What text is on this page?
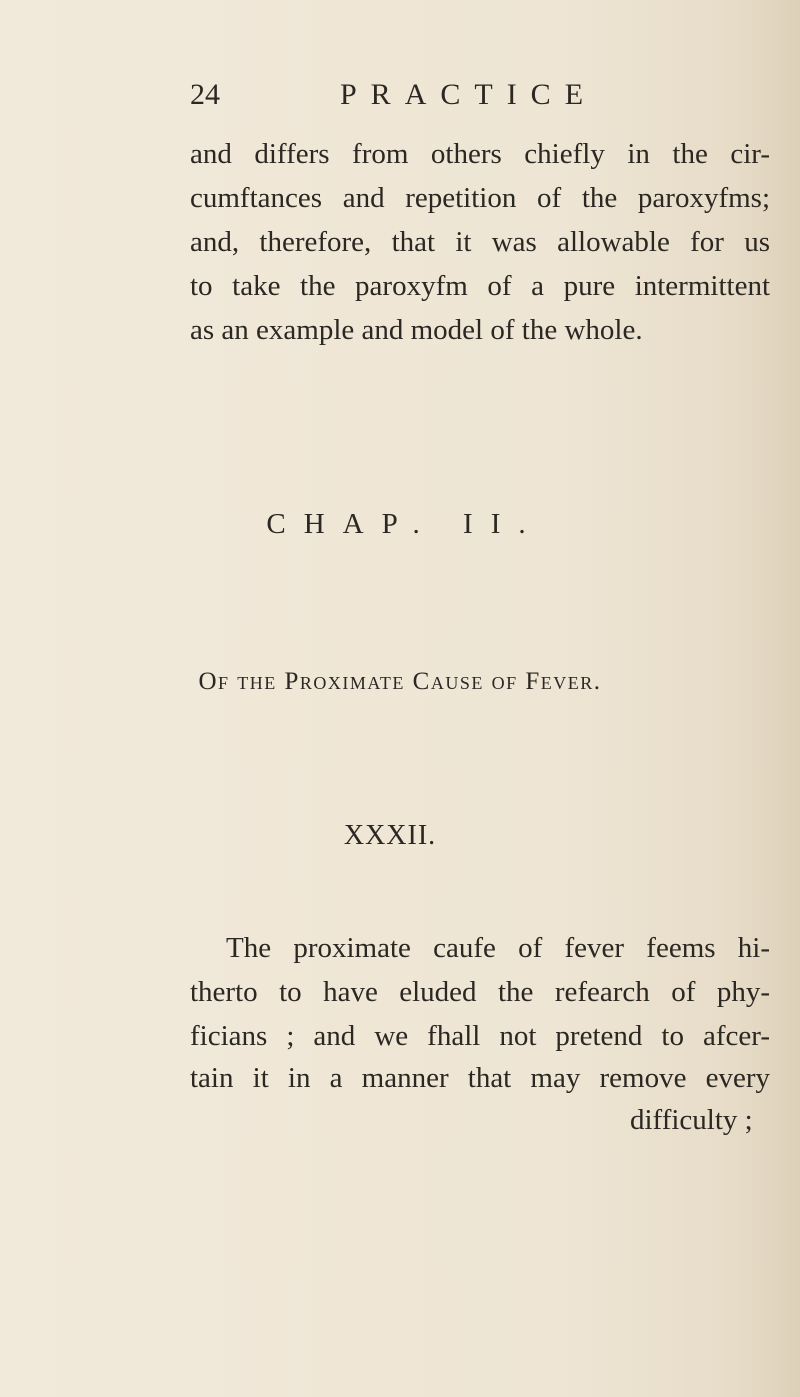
24	PRACTICE
and differs from others chiefly in the cir-
cumftances and repetition of the paroxyfms;
and, therefore, that it was allowable for us
to take the paroxyfm of a pure intermittent
as an example and model of the whole.
CHAP. II.
Of the Proximate Cause of Fever.
XXXII.
The proximate caufe of fever feems hi-
therto to have eluded the refearch of phy-
ficians ; and we fhall not pretend to afcer-
tain it in a manner that may remove every
difficulty ;
